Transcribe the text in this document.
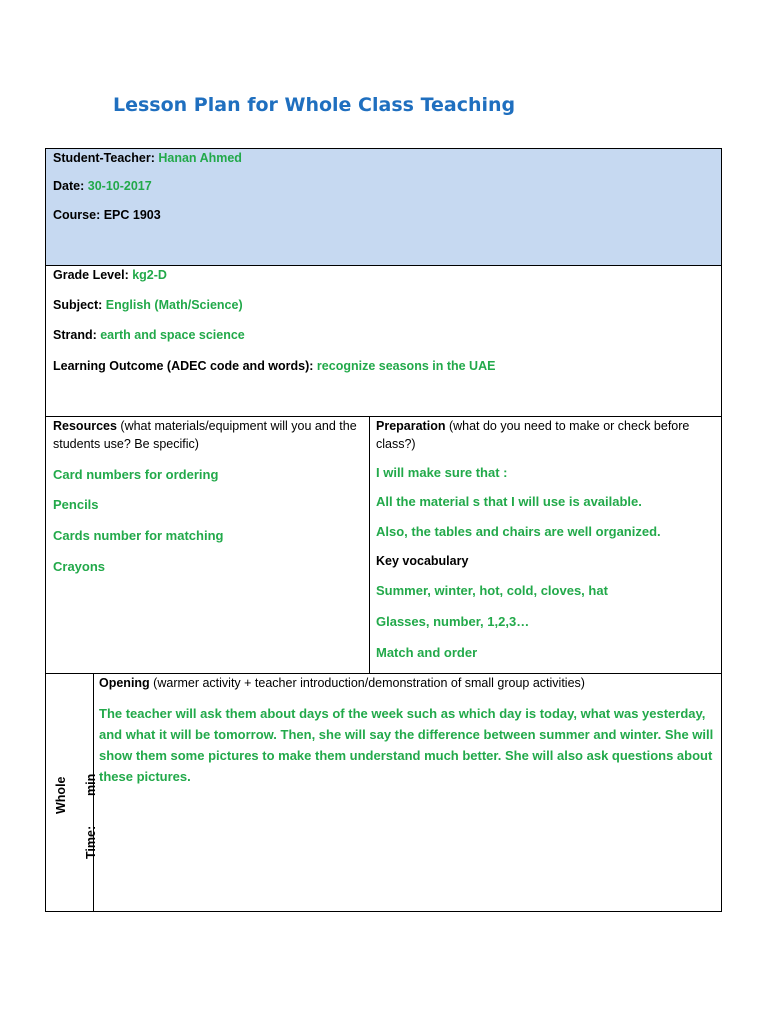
Lesson Plan for Whole Class Teaching
Student-Teacher: Hanan Ahmed
Date: 30-10-2017
Course: EPC 1903
Grade Level: kg2-D
Subject: English (Math/Science)
Strand: earth and space science
Learning Outcome (ADEC code and words): recognize seasons in the UAE
Resources (what materials/equipment will you and the
students use? Be specific)
Card numbers for ordering
Pencils
Cards number for matching
Crayons
Preparation (what do you need to make or check before
class?)
I will make sure that :
All the material s that I will use is available.
Also, the tables and chairs are well organized.
Key vocabulary
Summer, winter, hot, cold, cloves, hat
Glasses, number, 1,2,3…
Match and order
Whole
Time:
min
Opening (warmer activity + teacher introduction/demonstration of small group activities)
The teacher will ask them about days of the week such as which day is today, what was yesterday, and what it will be tomorrow. Then, she will say the difference between summer and winter. She will show them some pictures to make them understand much better. She will also ask questions about these pictures.
